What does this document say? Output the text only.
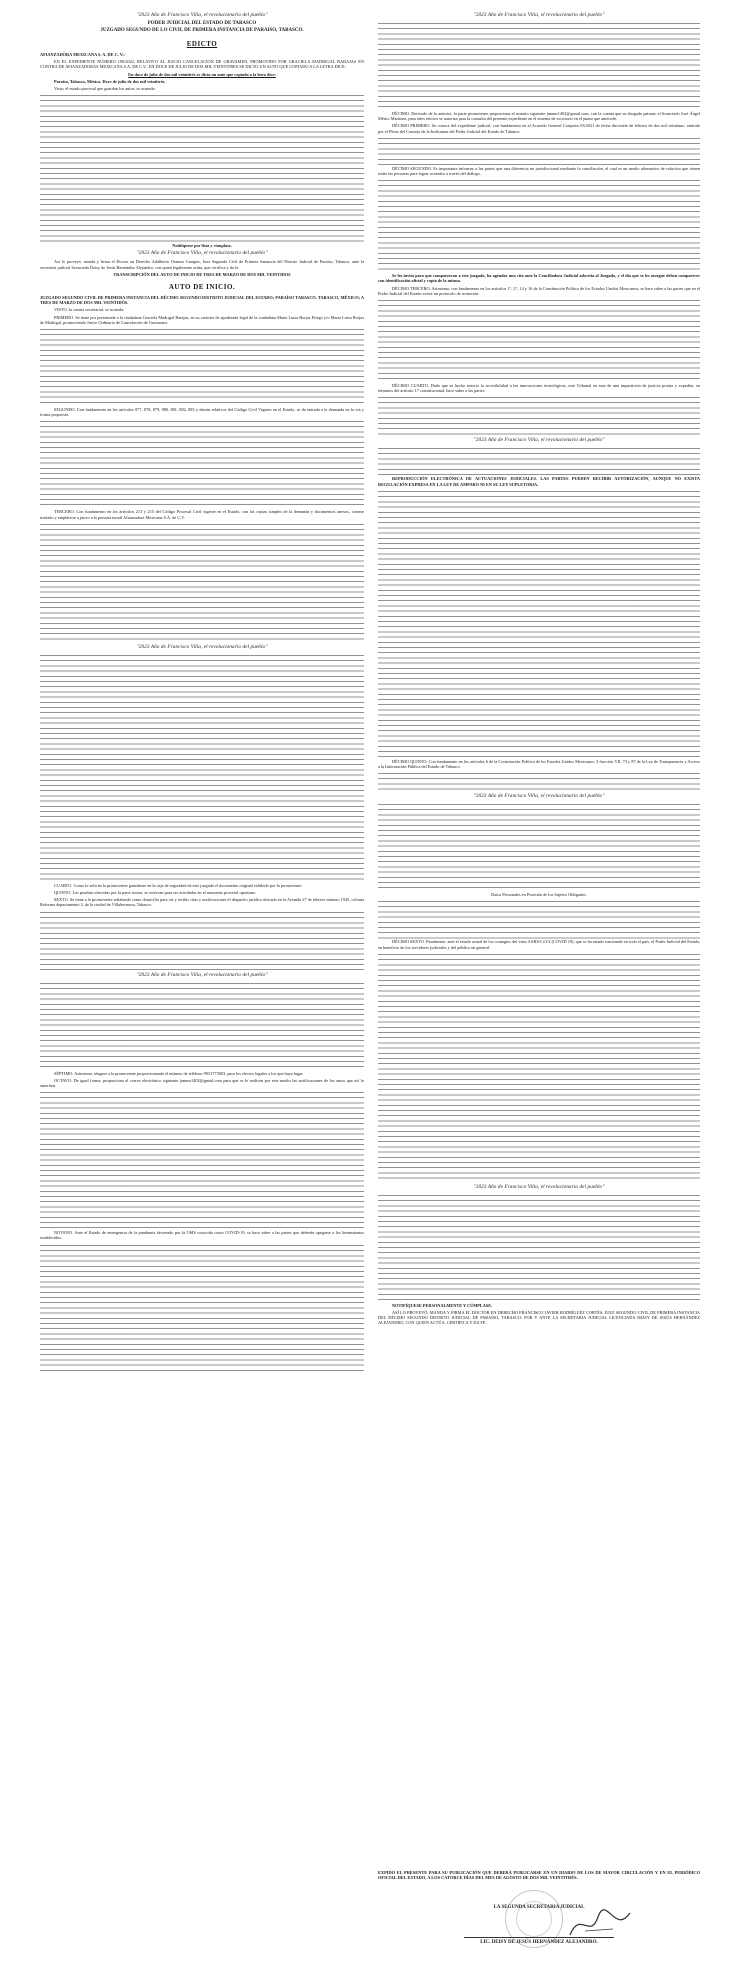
"2023 Año de Francisco Villa, el revolucionario del pueblo"
PODER JUDICIAL DEL ESTADO DE TABASCO
JUZGADO SEGUNDO DE LO CIVIL DE PRIMERA INSTANCIA DE PARAISO, TABASCO.
EDICTO

AFIANZADORA MEXICANA S. A. DE C. V.:

EN EL EXPEDIENTE NÚMERO 190/2022, RELATIVO AL JUICIO CANCELACION DE GRAVAMEN, PROMOVIDO POR GRACIELA MADRIGAL BARAJAS EN CONTRA DE AFIANZADORAS MEXICANA S.A. DE C.V., EN DOCE DE JULIO DE DOS MIL VEINTITRES SE DICTO UN AUTO QUE COPIADO A LA LETRA DICE:

En doce de julio de dos mil veintitrés se dicta un auto que copiado a la letra dice:

Paraíso, Tabasco, México. Doce de julio de dos mil veintitrés.

Visto; el estado procesal que guardan los autos, se acuerda:

Notifíquese por lista y cúmplase.

"2023 Año de Francisco Villa, el revolucionario del pueblo"

Así lo proveyó, manda y firma el Doctor en Derecho Adalberto Oramas Campos, Juez Segundo Civil de Primera Instancia del Distrito Judicial de Paraíso, Tabasco, ante la secretaria judicial licenciada Deisy de Jesús Hernández Alejandro, con quien legalmente actúa, que certifica y da fe.

TRANSCRIPCIÓN DEL AUTO DE INICIO DE TRES DE MARZO DE DOS MIL VEINTIDOS

AUTO DE INICIO.

JUZGADO SEGUNDO CIVIL DE PRIMERA INSTANCIA DEL DÉCIMO SEGUNDO DISTRITO JUDICIAL DEL ESTADO; PARAÍSO TABASCO, TABASCO, MÉXICO; A TRES DE MARZO DE DOS MIL VEINTIDÓS.

VISTO; la cuenta secretarial, se acuerda:

PRIMERO. Se tiene por presentada a la ciudadana Graciela Madrigal Barajas, en su carácter de apoderada legal de la ciudadana María Luisa Borjas Priego y/o María Luisa Borjas de Madrigal, promoviendo Juicio Ordinario de Cancelación de Gravamen.

SEGUNDO. Con fundamento en los artículos 877, 878, 879, 880, 881, 882, 883 y demás relativos del Código Civil Vigente en el Estado, se da entrada a la demanda en la vía y forma propuesta.

TERCERO. Con fundamento en los artículos 213 y 215 del Código Procesal Civil vigente en el Estado, con las copias simples de la demanda y documentos anexos, córrase traslado y emplácese a juicio a la persona moral Afianzadora Mexicana S.A. de C.V.

"2023 Año de Francisco Villa, el revolucionario del pueblo"

CUARTO. Como lo solicita la promovente guárdense en la caja de seguridad de este juzgado el documento original exhibido por la promovente.

QUINTO. Las pruebas ofrecidas por la parte actora, se reservan para ser acordadas en el momento procesal oportuno.

SEXTO. Se tiene a la promovente señalando como domicilio para oír y recibir citas y notificaciones el despacho jurídico ubicado en la Avenida 27 de febrero número 1945, colonia Reforma departamento 3, de la ciudad de Villahermosa, Tabasco.

"2023 Año de Francisco Villa, el revolucionario del pueblo"

SÉPTIMO. Asimismo, téngase a la promovente proporcionando el número de teléfono 9931773903, para los efectos legales a los que haya lugar.

OCTAVO. De igual forma, proporciona el correo electrónico siguiente jammr1402@gmail.com para que se le realicen por este medio las notificaciones de los autos que así lo ameriten.

NOVENO. Ante el Estado de emergencia de la pandemia decretado por la OMS conocida como COVID-19, se hace saber a las partes que deberán apegarse a los lineamientos establecidos.

"2023 Año de Francisco Villa, el revolucionario del pueblo"

DÉCIMO. Derivado de lo anterior, la parte promovente proporciona el usuario siguiente jammr1402@gmail.com, con la cuenta que su abogado patrono el licenciado José Ángel Mérito Martínez, para tales efectos se autoriza para la consulta del presente expediente en el sistema de escritorio en el punto que antecede.

DÉCIMO PRIMERO. Se conoce del expediente judicial, con fundamento en el Acuerdo General Conjunto 03/2021 de fecha diecisiete de febrero de dos mil veintiuno, emitido por el Pleno del Consejo de la Judicatura del Poder Judicial del Estado de Tabasco.

DÉCIMO SEGUNDO. Es importante informar a las partes que una diferencia no jurisdiccional mediante la conciliación, el cual es un medio alternativo de solución que tienen todas las personas para lograr acuerdos a través del diálogo.

Se les invita para que comparezcan a este juzgado, ha agendar una cita ante la Conciliadora Judicial adscrita al Juzgado, y el día que se les otorgue deben comparecer con identificación oficial y copia de la misma.

DÉCIMO TERCERO. Asimismo, con fundamento en los artículos 1°, 2°, 14 y 16 de la Constitución Política de los Estados Unidos Mexicanos, se hace saber a las partes que en el Poder Judicial del Estado existe un protocolo de actuación.

DÉCIMO CUARTO. Dado que es hecho notorio la accesibilidad a las innovaciones tecnológicas, este Tribunal en aras de una impartición de justicia pronta y expedita, en términos del artículo 17 constitucional, hace saber a las partes.

"2023 Año de Francisco Villa, el revolucionario del pueblo"

REPRODUCCIÓN ELECTRÓNICA DE ACTUACIONES JUDICIALES. LAS PARTES PUEDEN RECIBIR AUTORIZACIÓN, AUNQUE NO EXISTA REGULACIÓN EXPRESA EN LA LEY DE AMPARO NI EN SU LEY SUPLETORIA.

DÉCIMO QUINTO. Con fundamento en los artículos 6 de la Constitución Política de los Estados Unidos Mexicanos, 3 fracción VII, 73 y 87 de la Ley de Transparencia y Acceso a la Información Pública del Estado de Tabasco.

"2023 Año de Francisco Villa, el revolucionario del pueblo"

Datos Personales en Posesión de los Sujetos Obligados.

DÉCIMO SEXTO. Finalmente, ante el estado actual de los contagios del virus SARS-CoV2 (COVID 19), que se ha estado suscitando en todo el país, el Poder Judicial del Estado, en beneficio de los servidores judiciales y del público en general.

"2023 Año de Francisco Villa, el revolucionario del pueblo"

NOTIFÍQUESE PERSONALMENTE Y CÚMPLASE.

ASÍ LO PROVEYÓ, MANDA Y FIRMA EL DOCTOR EN DERECHO FRANCISCO JAVIER RODRÍGUEZ CORTÉS, JUEZ SEGUNDO CIVIL DE PRIMERA INSTANCIA DEL DÉCIMO SEGUNDO DISTRITO JUDICIAL DE PARAÍSO, TABASCO; POR Y ANTE LA SECRETARIA JUDICIAL LICENCIADA DEISY DE JESÚS HERNÁNDEZ ALEJANDRO, CON QUIEN ACTÚA, CERTIFICA Y DA FE.

EXPIDO EL PRESENTE PARA SU PUBLICACIÓN QUE DEBERÁ PUBLICARSE EN UN DIARIO DE LOS DE MAYOR CIRCULACIÓN Y EN EL PERIÓDICO OFICIAL DEL ESTADO, A LOS CATORCE DÍAS DEL MES DE AGOSTO DE DOS MIL VEINTITRÉS.
LA SEGUNDA SECRETARIA JUDICIAL
LIC. DEISY DE JESÚS HERNÁNDEZ ALEJANDRO.
